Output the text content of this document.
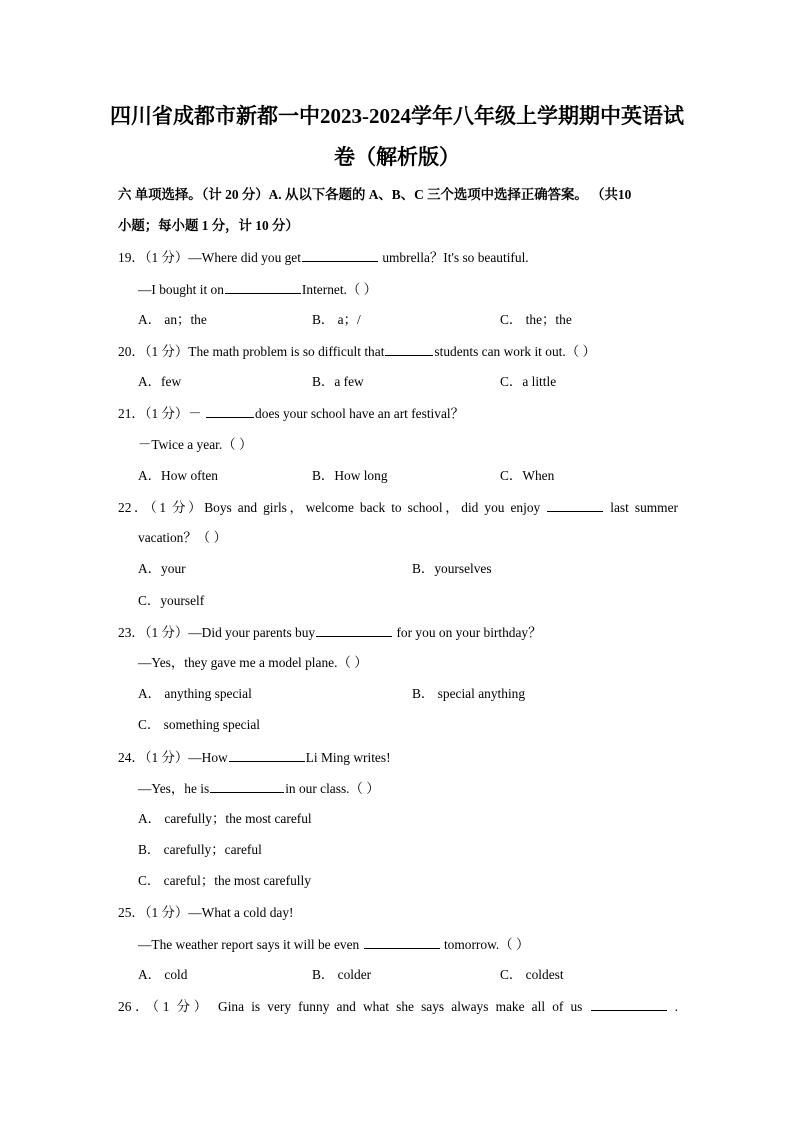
四川省成都市新都一中2023-2024学年八年级上学期期中英语试
卷（解析版）
六 单项选择。（计 20 分）A. 从以下各题的 A、B、C 三个选项中选择正确答案。 （共10
小题；每小题 1 分，计 10 分）
19．（1 分）—Where did you get	umbrella？It's so beautiful.
—I bought it on	Internet.（ ）
A． an；the	B． a；/	C． the；the
20．（1 分）The math problem is so difficult that	students can work it out.（ ）
A．few	B．a few	C．a little
21．（1 分）－	does your school have an art festival？
－Twice a year.（ ）
A．How often	B．How long	C．When
22．（1 分）Boys and girls，welcome back to school，did you enjoy	last summer
vacation？（ ）
A．your	B．yourselves
C．yourself
23．（1 分）—Did your parents buy	for you on your birthday？
—Yes，they gave me a model plane.（ ）
A． anything special	B． special anything
C． something special
24．（1 分）—How	Li Ming writes!
—Yes，he is	in our class.（ ）
A． carefully；the most careful
B． carefully；careful
C． careful；the most carefully
25．（1 分）—What a cold day!
—The weather report says it will be even	tomorrow.（ ）
A． cold	B． colder	C． coldest
26．（1 分） Gina is very funny and what she says always make all of us	.
